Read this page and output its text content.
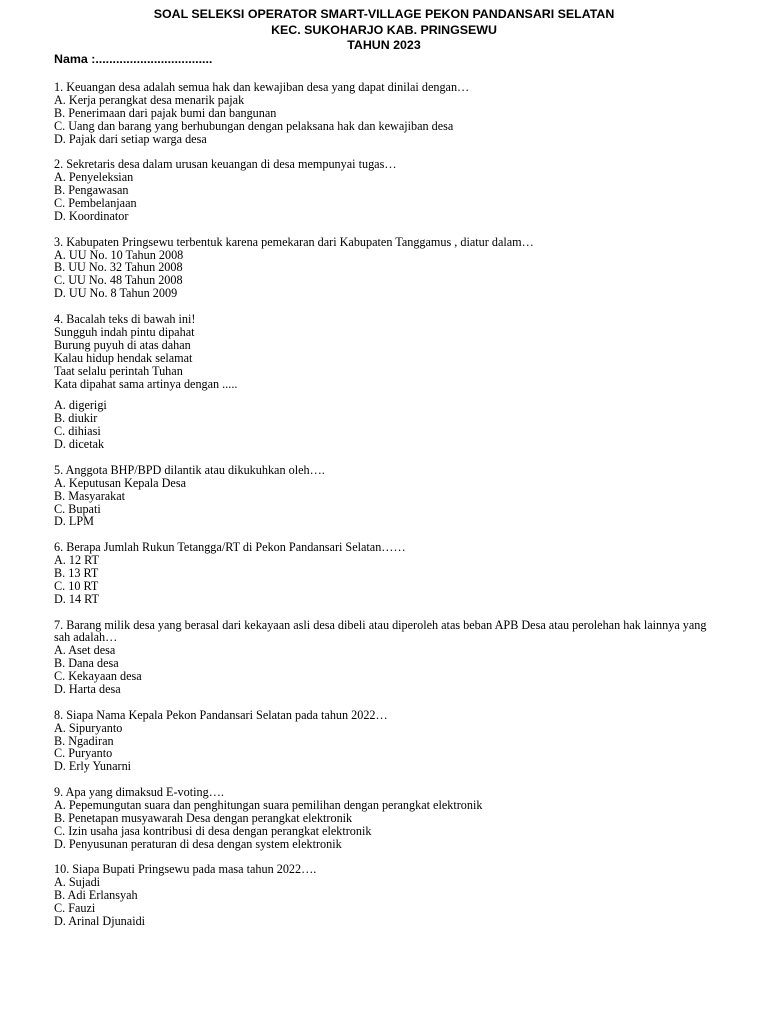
SOAL SELEKSI OPERATOR SMART-VILLAGE PEKON PANDANSARI SELATAN
KEC. SUKOHARJO KAB. PRINGSEWU
TAHUN 2023
Nama :..................................
1. Keuangan desa adalah semua hak dan kewajiban desa yang dapat dinilai dengan…
A. Kerja perangkat desa menarik pajak
B. Penerimaan dari pajak bumi dan bangunan
C. Uang dan barang yang berhubungan dengan pelaksana hak dan kewajiban desa
D. Pajak dari setiap warga desa
2. Sekretaris desa dalam urusan keuangan di desa mempunyai tugas…
A. Penyeleksian
B. Pengawasan
C. Pembelanjaan
D. Koordinator
3. Kabupaten Pringsewu terbentuk karena pemekaran dari Kabupaten Tanggamus , diatur dalam…
A. UU No. 10 Tahun 2008
B. UU No. 32 Tahun 2008
C. UU No. 48 Tahun 2008
D. UU No. 8 Tahun 2009
4. Bacalah teks di bawah ini!
Sungguh indah pintu dipahat
Burung puyuh di atas dahan
Kalau hidup hendak selamat
Taat selalu perintah Tuhan
Kata dipahat sama artinya dengan .....
A. digerigi
B. diukir
C. dihiasi
D. dicetak
5. Anggota BHP/BPD dilantik atau dikukuhkan oleh….
A. Keputusan Kepala Desa
B. Masyarakat
C. Bupati
D. LPM
6. Berapa Jumlah Rukun Tetangga/RT di Pekon Pandansari Selatan……
A. 12 RT
B. 13 RT
C. 10 RT
D. 14 RT
7. Barang milik desa yang berasal dari kekayaan asli desa dibeli atau diperoleh atas beban APB Desa atau perolehan hak lainnya yang sah adalah…
A. Aset desa
B. Dana desa
C. Kekayaan desa
D. Harta desa
8. Siapa Nama Kepala Pekon Pandansari Selatan pada tahun 2022…
A. Sipuryanto
B. Ngadiran
C. Puryanto
D. Erly Yunarni
9. Apa yang dimaksud E-voting….
A. Pepemungutan suara dan penghitungan suara pemilihan dengan perangkat elektronik
B. Penetapan musyawarah Desa dengan perangkat elektronik
C. Izin usaha jasa kontribusi di desa dengan perangkat elektronik
D. Penyusunan peraturan di desa dengan system elektronik
10. Siapa Bupati Pringsewu pada masa tahun 2022….
A. Sujadi
B. Adi Erlansyah
C. Fauzi
D. Arinal Djunaidi
